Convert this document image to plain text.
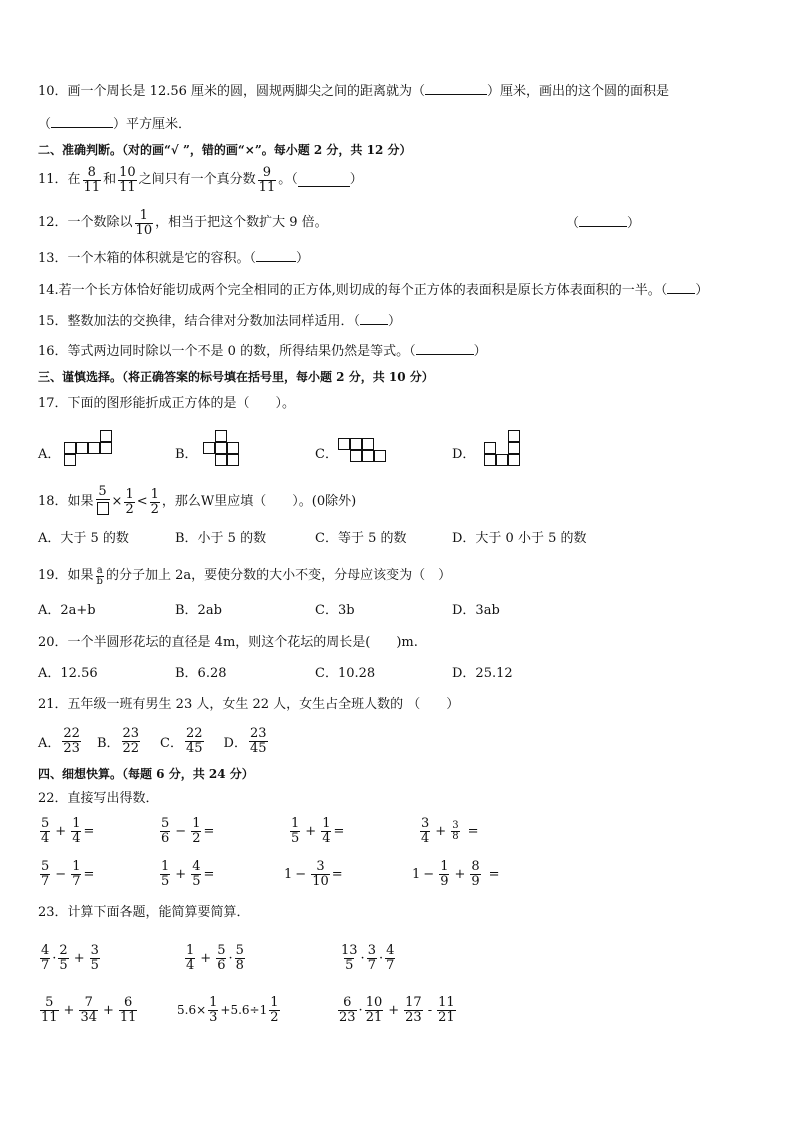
10．画一个周长是 12.56 厘米的圆，圆规两脚尖之间的距离就为（	）厘米，画出的这个圆的面积是
（	）平方厘米．
二、准确判断。（对的画“√ ”，错的画“×”。每小题 2 分，共 12 分）
11．在 $\frac{8}{11}$ 和 $\frac{10}{11}$ 之间只有一个真分数 $\frac{9}{11}$ 。（	）
12．一个数除以 $\frac{1}{10}$ ，相当于把这个数扩大 9 倍。	（	）
13．一个木箱的体积就是它的容积。（	）
14.若一个长方体恰好能切成两个完全相同的正方体,则切成的每个正方体的表面积是原长方体表面积的一半。（ ）
15．整数加法的交换律，结合律对分数加法同样适用．（ ）
16．等式两边同时除以一个不是 0 的数，所得结果仍然是等式。（	）
三、谨慎选择。（将正确答案的标号填在括号里，每小题 2 分，共 10 分）
17．下面的图形能折成正方体的是（　　）。
A．	B．	C．	D．
18．如果
5
× $\frac{1}{2} < \frac{1}{2}$ ，那么W里应填（　　）。(0除外)
A．大于 5 的数	B．小于 5 的数	C．等于 5 的数	D．大于 0 小于 5 的数
19．如果 $\frac{a}{b}$ 的分子加上 2a，要使分数的大小不变，分母应该变为（　）
A．2a+b	B．2ab	C．3b	D．3ab
20．一个半圆形花坛的直径是 4m，则这个花坛的周长是(　　)m.
A．12.56	B．6.28	C．10.28	D．25.12
21．五年级一班有男生 23 人，女生 22 人，女生占全班人数的 （　　）
A． $\frac{22}{23}$ B． $\frac{23}{22}$ C． $\frac{22}{45}$ D． $\frac{23}{45}$
四、细想快算。（每题 6 分，共 24 分）
22．直接写出得数．
$\frac{5}{4} + \frac{1}{4}$ =	$\frac{5}{6} - \frac{1}{2}$ =	$\frac{1}{5} + \frac{1}{4}$ =	$\frac{3}{4} + \frac{3}{8}$ =
$\frac{5}{7} - \frac{1}{7}$ =	$\frac{1}{5} + \frac{4}{5}$ =	$1 - \frac{3}{10}$ =	$1 - \frac{1}{9} + \frac{8}{9}$ =
23．计算下面各题，能简算要简算．
$\frac{4}{7} \cdot \frac{2}{5} + \frac{3}{5}$	$\frac{1}{4} + \frac{5}{6} \cdot \frac{5}{8}$	$\frac{13}{5} \cdot \frac{3}{7} \cdot \frac{4}{7}$
$\frac{5}{11} + \frac{7}{34} + \frac{6}{11}$	$5.6\times \frac{1}{3} +5.6\div 1 \frac{1}{2}$	$\frac{6}{23} \cdot \frac{10}{21} + \frac{17}{23} - \frac{11}{21}$
